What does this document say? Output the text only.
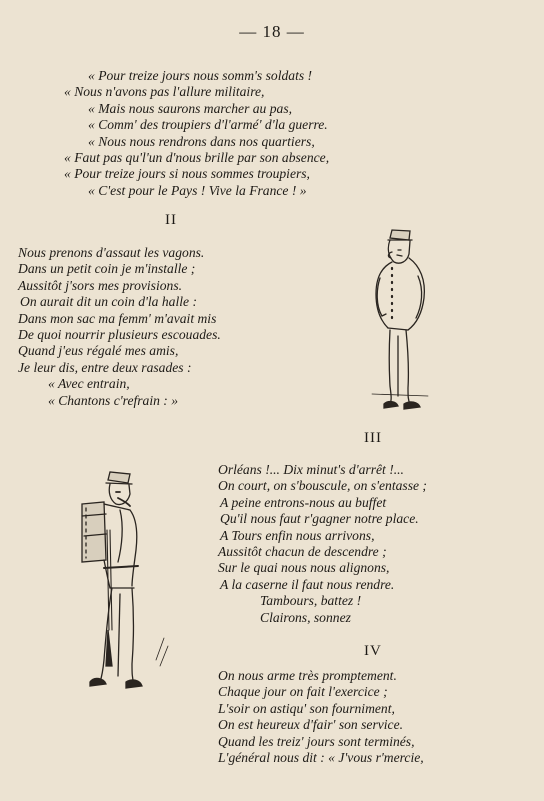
— 18 —
« Pour treize jours nous somm's soldats !
« Nous n'avons pas l'allure militaire,
« Mais nous saurons marcher au pas,
« Comm' des troupiers d'l'armé' d'la guerre.
« Nous nous rendrons dans nos quartiers,
« Faut pas qu'l'un d'nous brille par son absence,
« Pour treize jours si nous sommes troupiers,
« C'est pour le Pays ! Vive la France ! »
II
Nous prenons d'assaut les vagons.
Dans un petit coin je m'installe ;
Aussitôt j'sors mes provisions.
On aurait dit un coin d'la halle :
Dans mon sac ma femm' m'avait mis
De quoi nourrir plusieurs escouades.
Quand j'eus régalé mes amis,
Je leur dis, entre deux rasades :
« Avec entrain,
« Chantons c'refrain : »
III
Orléans !... Dix minut's d'arrêt !...
On court, on s'bouscule, on s'entasse ;
A peine entrons-nous au buffet
Qu'il nous faut r'gagner notre place.
A Tours enfin nous arrivons,
Aussitôt chacun de descendre ;
Sur le quai nous nous alignons,
A la caserne il faut nous rendre.
Tambours, battez !
Clairons, sonnez
IV
On nous arme très promptement.
Chaque jour on fait l'exercice ;
L'soir on astiqu' son fourniment,
On est heureux d'fair' son service.
Quand les treiz' jours sont terminés,
L'général nous dit : « J'vous r'mercie,
